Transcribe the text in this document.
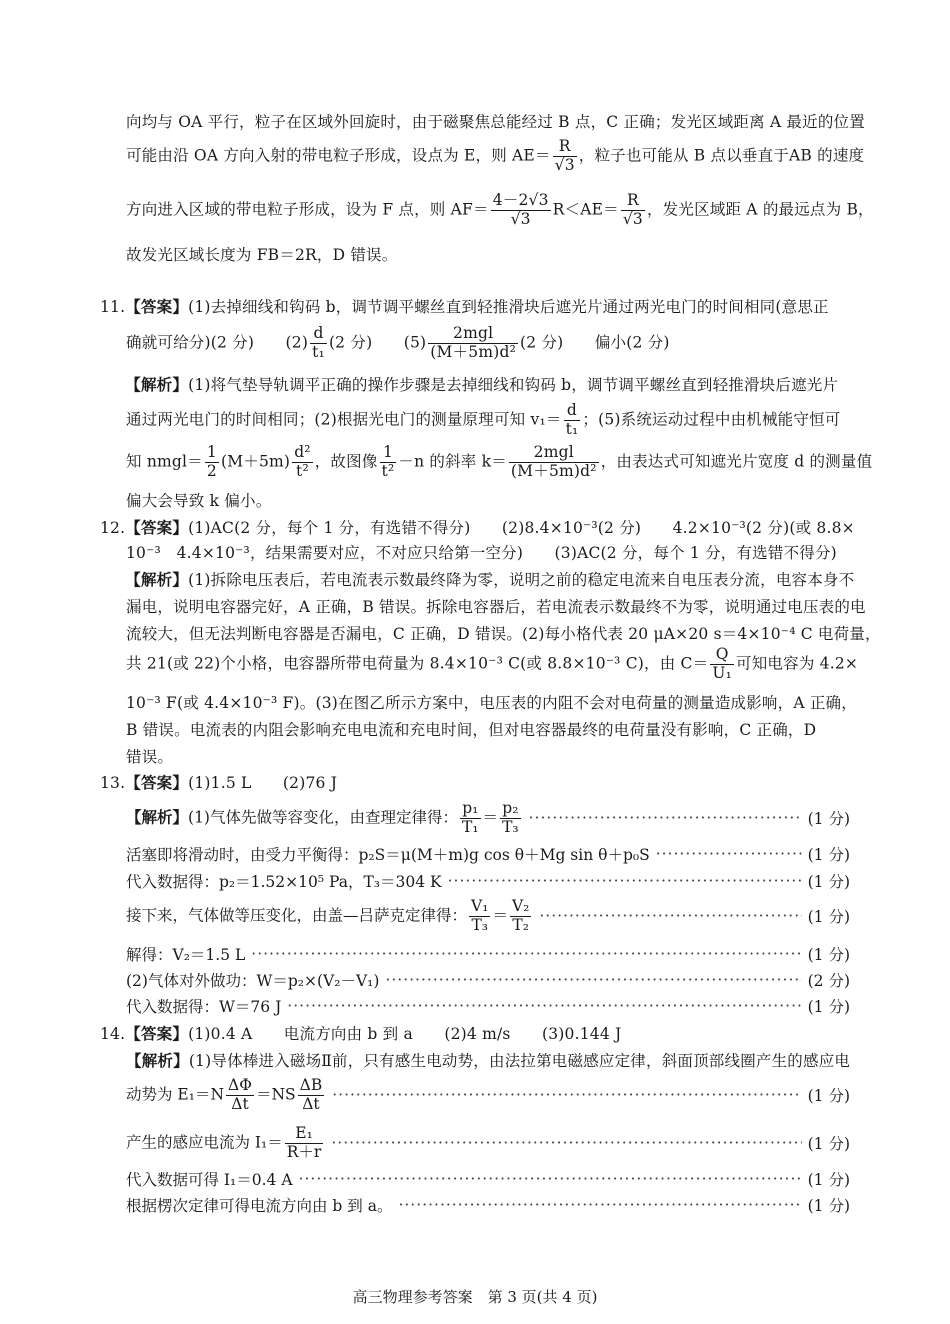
向均与 OA 平行，粒子在区域外回旋时，由于磁聚焦总能经过 B 点，C 正确；发光区域距离 A 最近的位置
可能由沿 OA 方向入射的带电粒子形成，设点为 E，则 $AE= \frac{R}{√3}$ ，粒子也可能从 B 点以垂直于AB 的速度
方向进入区域的带电粒子形成，设为 F 点，则 $AF= \frac{4-2√3}{√3} R<AE= \frac{R}{√3}$ ，发光区域距 A 的最远点为 B，
故发光区域长度为 FB＝2R，D 错误。
11.【答案】(1)去掉细线和钩码 b，调节调平螺丝直到轻推滑块后遮光片通过两光电门的时间相同(意思正
确就可给分)(2 分)　　$(2) \frac{d}{\text{t₁}} (2$ 分)　　$(5) \frac{\text{2mgl}}{\text{(M＋5m)d²}} (2$ 分)　　偏小(2 分)
【解析】(1)将气垫导轨调平正确的操作步骤是去掉细线和钩码 b，调节调平螺丝直到轻推滑块后遮光片
通过两光电门的时间相同；(2)根据光电门的测量原理可知 $v_1= \frac{d}{\text{t₁}}$ ；(5)系统运动过程中由机械能守恒可
知 nmgl＝ $\frac{1}{2} (M+5m) \frac{\text{d²}}{\text{t²}}$ ，故图像 $\frac{1}{\text{t²}} -n$ 的斜率 $k= \frac{\text{2mgl}}{\text{(M＋5m)d²}}$ ，由表达式可知遮光片宽度 d 的测量值
偏大会导致 k 偏小。
12.【答案】(1)AC(2 分，每个 1 分，有选错不得分)　　(2)8.4×10⁻³(2 分)　　4.2×10⁻³(2 分)(或 8.8×
10⁻³　4.4×10⁻³，结果需要对应，不对应只给第一空分)　　(3)AC(2 分，每个 1 分，有选错不得分)
【解析】(1)拆除电压表后，若电流表示数最终降为零，说明之前的稳定电流来自电压表分流，电容本身不
漏电，说明电容器完好，A 正确，B 错误。拆除电容器后，若电流表示数最终不为零，说明通过电压表的电
流较大，但无法判断电容器是否漏电，C 正确，D 错误。(2)每小格代表 20 μA×20 s＝4×10⁻⁴ C 电荷量，
共 21(或 22)个小格，电容器所带电荷量为 8.4×10⁻³ C(或 8.8×10⁻³ C)，由 $C= \frac{Q}{\text{U₁}}$ 可知电容为 4.2×
10⁻³ F(或 4.4×10⁻³ F)。(3)在图乙所示方案中，电压表的内阻不会对电荷量的测量造成影响，A 正确，
B 错误。电流表的内阻会影响充电电流和充电时间，但对电容器最终的电荷量没有影响，C 正确，D
错误。
13.【答案】(1)1.5 L　　(2)76 J
【解析】(1)气体先做等容变化，由查理定律得： $\frac{\text{p₁}}{\text{T₁}} = \frac{\text{p₂}}{\text{T₃}}$ ·····	(1 分)
活塞即将滑动时，由受力平衡得：p₂S＝μ(M＋m)g cos θ＋Mg sin θ＋p₀S ·····	(1 分)
代入数据得：p₂＝1.52×10⁵ Pa，T₃＝304 K ·····	(1 分)
接下来，气体做等压变化，由盖—吕萨克定律得： $\frac{\text{V₁}}{\text{T₃}} = \frac{\text{V₂}}{\text{T₂}}$ ·····	(1 分)
解得：V₂＝1.5 L ·····	(1 分)
(2)气体对外做功：W＝p₂×(V₂－V₁) ·····	(2 分)
代入数据得：W＝76 J ·····	(1 分)
14.【答案】(1)0.4 A　　电流方向由 b 到 a　　(2)4 m/s　　(3)0.144 J
【解析】(1)导体棒进入磁场Ⅱ前，只有感生电动势，由法拉第电磁感应定律，斜面顶部线圈产生的感应电
动势为 $E_1=N \frac{\Delta\Phi}{\Delta t} =NS \frac{\Delta B}{\Delta t}$ ·····	(1 分)
产生的感应电流为 $I_1= \frac{\text{E₁}}{R+r}$ ·····	(1 分)
代入数据可得 I₁＝0.4 A ·····	(1 分)
根据楞次定律可得电流方向由 b 到 a。 ·····	(1 分)
高三物理参考答案　第 3 页(共 4 页)
